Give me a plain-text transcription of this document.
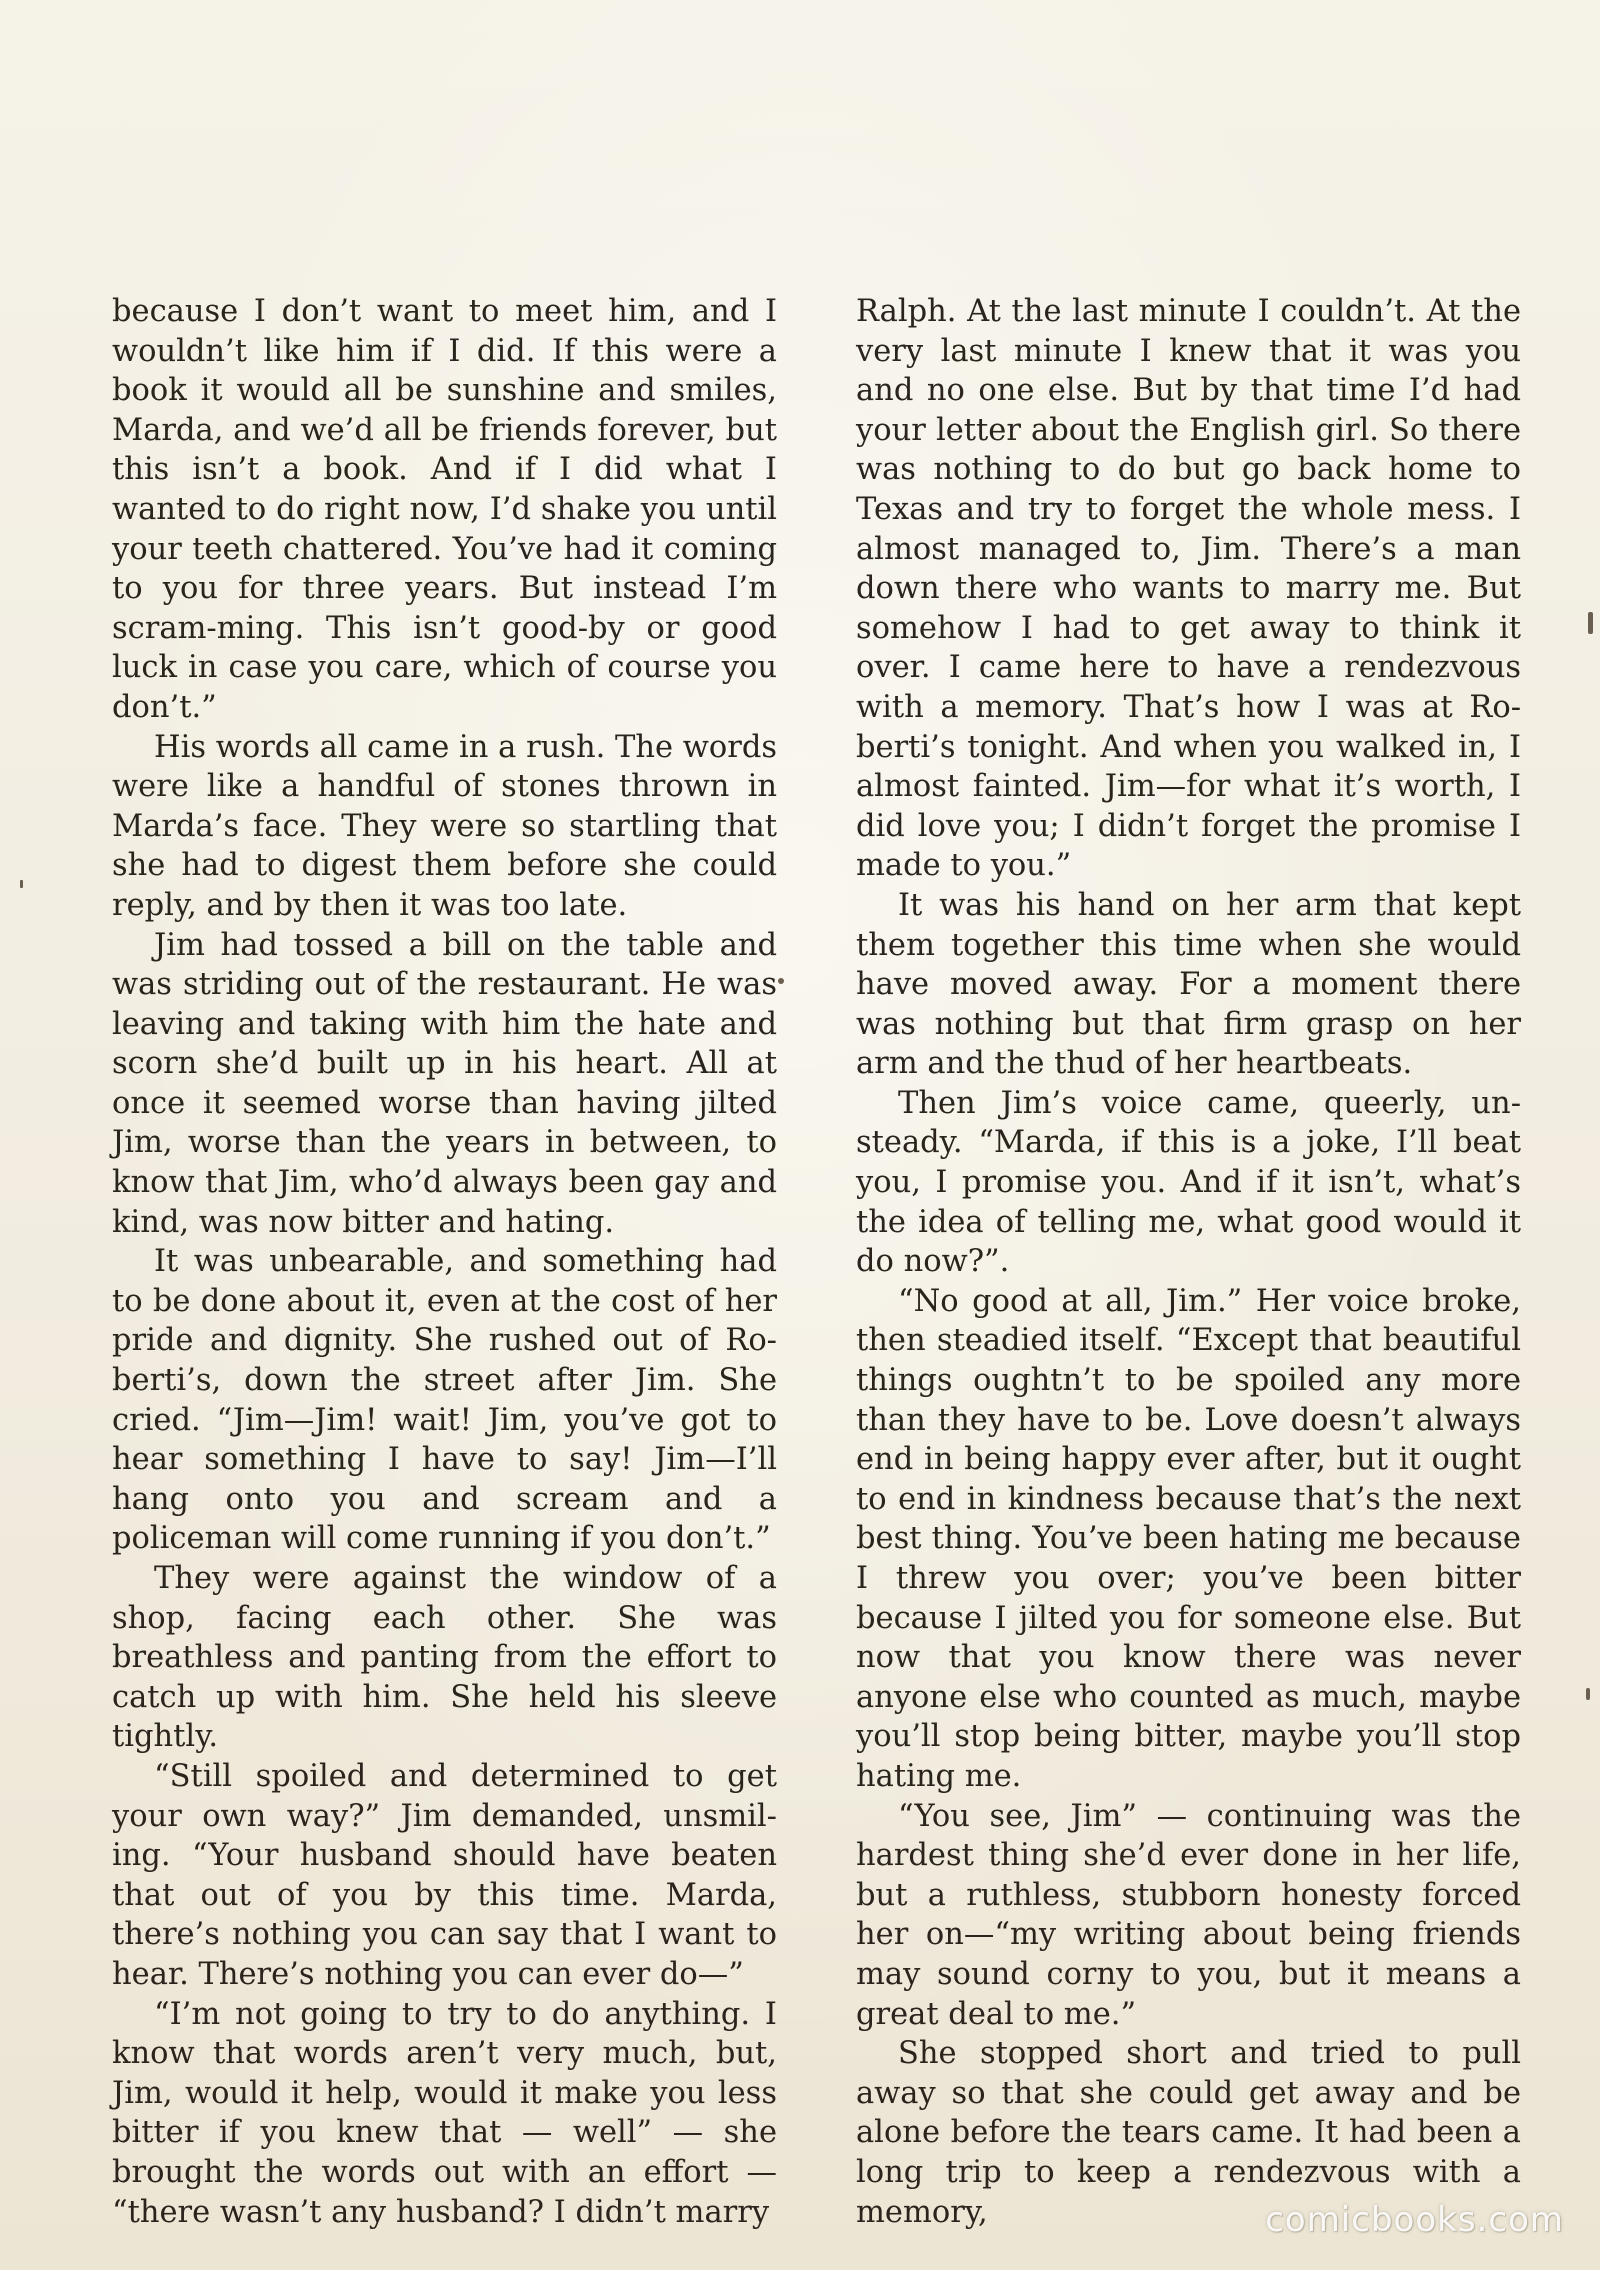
because I don’t want to meet him, and I wouldn’t like him if I did. If this were a book it would all be sunshine and smiles, Marda, and we’d all be friends forever, but this isn’t a book. And if I did what I wanted to do right now, I’d shake you until your teeth chattered. You’ve had it coming to you for three years. But instead I’m scram-ming. This isn’t good-by or good luck in case you care, which of course you don’t.”

His words all came in a rush. The words were like a handful of stones thrown in Marda’s face. They were so startling that she had to digest them before she could reply, and by then it was too late.

Jim had tossed a bill on the table and was striding out of the restaurant. He was leaving and taking with him the hate and scorn she’d built up in his heart. All at once it seemed worse than having jilted Jim, worse than the years in between, to know that Jim, who’d always been gay and kind, was now bitter and hating.

It was unbearable, and something had to be done about it, even at the cost of her pride and dignity. She rushed out of Ro-berti’s, down the street after Jim. She cried. “Jim—Jim! wait! Jim, you’ve got to hear something I have to say! Jim—I’ll hang onto you and scream and a policeman will come running if you don’t.”

They were against the window of a shop, facing each other. She was breathless and panting from the effort to catch up with him. She held his sleeve tightly.

“Still spoiled and determined to get your own way?” Jim demanded, unsmil-ing. “Your husband should have beaten that out of you by this time. Marda, there’s nothing you can say that I want to hear. There’s nothing you can ever do—”

“I’m not going to try to do anything. I know that words aren’t very much, but, Jim, would it help, would it make you less bitter if you knew that — well” — she brought the words out with an effort — “there wasn’t any husband? I didn’t marry

Ralph. At the last minute I couldn’t. At the very last minute I knew that it was you and no one else. But by that time I’d had your letter about the English girl. So there was nothing to do but go back home to Texas and try to forget the whole mess. I almost managed to, Jim. There’s a man down there who wants to marry me. But somehow I had to get away to think it over. I came here to have a rendezvous with a memory. That’s how I was at Ro-berti’s tonight. And when you walked in, I almost fainted. Jim—for what it’s worth, I did love you; I didn’t forget the promise I made to you.”

It was his hand on her arm that kept them together this time when she would have moved away. For a moment there was nothing but that firm grasp on her arm and the thud of her heartbeats.

Then Jim’s voice came, queerly, un-steady. “Marda, if this is a joke, I’ll beat you, I promise you. And if it isn’t, what’s the idea of telling me, what good would it do now?”.

“No good at all, Jim.” Her voice broke, then steadied itself. “Except that beautiful things oughtn’t to be spoiled any more than they have to be. Love doesn’t always end in being happy ever after, but it ought to end in kindness because that’s the next best thing. You’ve been hating me because I threw you over; you’ve been bitter because I jilted you for someone else. But now that you know there was never anyone else who counted as much, maybe you’ll stop being bitter, maybe you’ll stop hating me.

“You see, Jim” — continuing was the hardest thing she’d ever done in her life, but a ruthless, stubborn honesty forced her on—“my writing about being friends may sound corny to you, but it means a great deal to me.”

She stopped short and tried to pull away so that she could get away and be alone before the tears came. It had been a long trip to keep a rendezvous with a memory,	comicbooks.com
